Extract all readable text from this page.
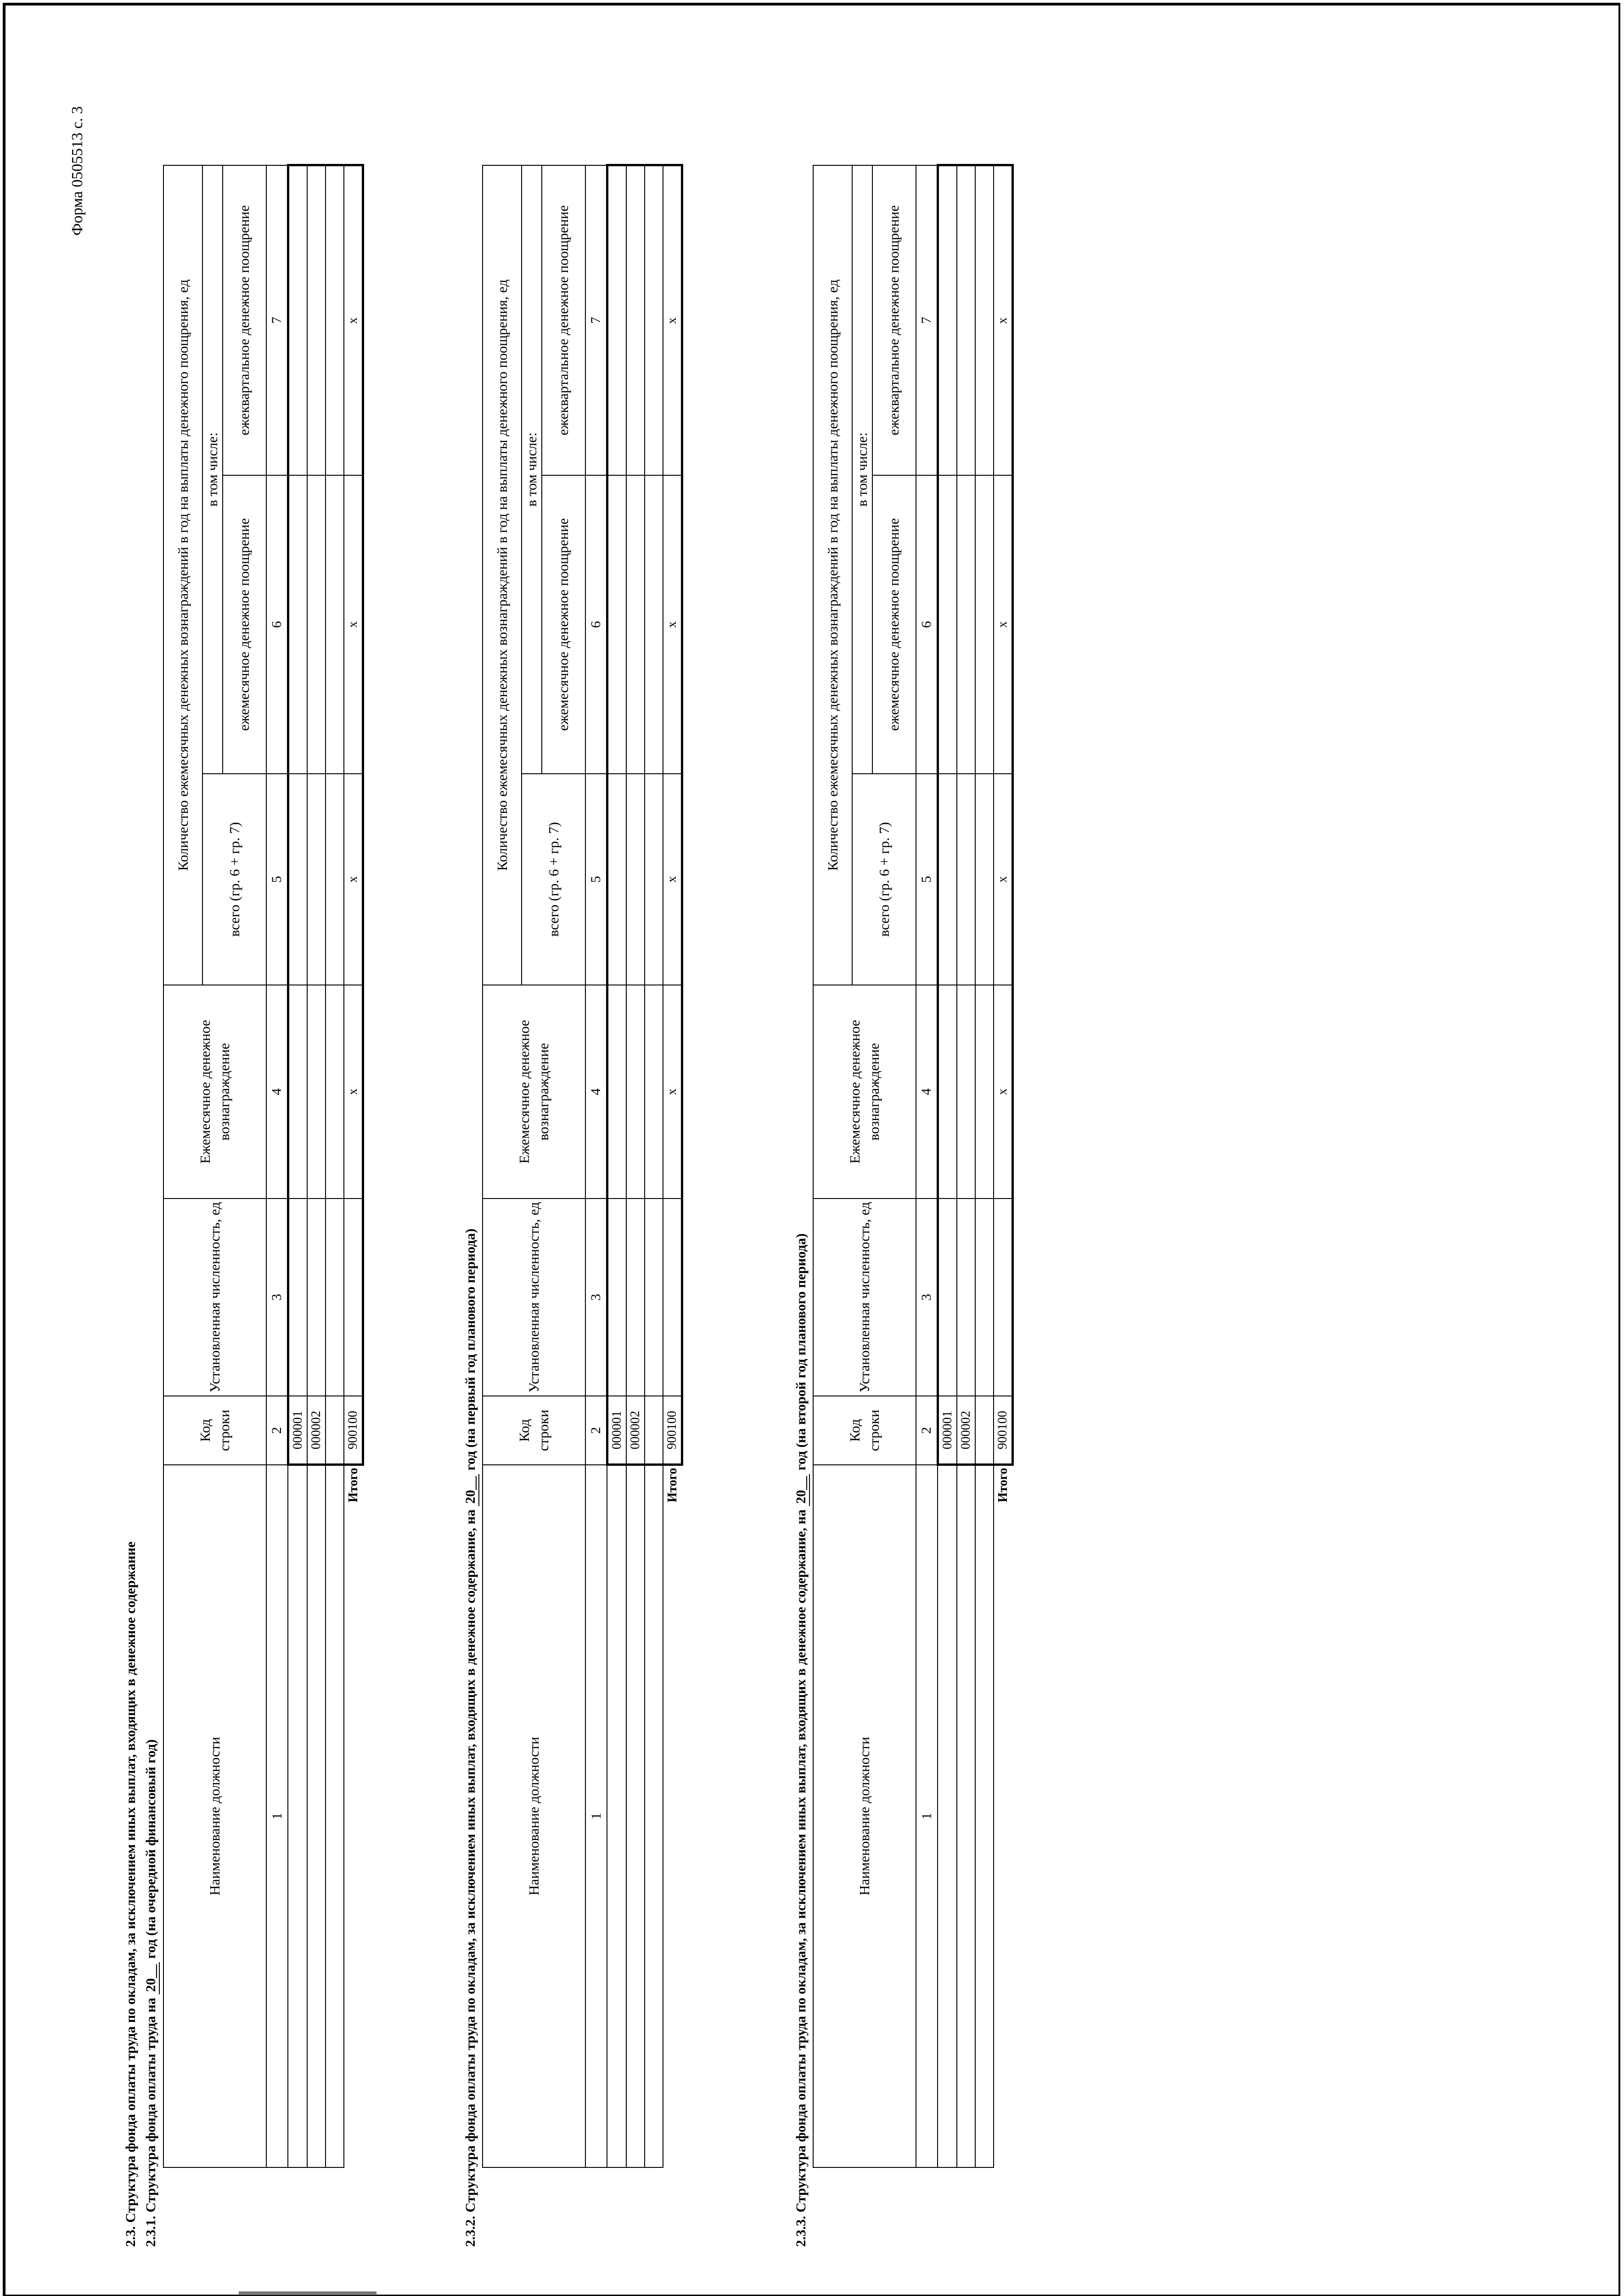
Форма 0505513 с. 3
2.3. Структура фонда оплаты труда по окладам, за исключением иных выплат, входящих в денежное содержание 2.3.1. Структура фонда оплаты труда на 20__ год (на очередной финансовый год)	Наименование должности	Код строки	Установленная численность, ед	Ежемесячное денежное вознаграждение	Количество ежемесячных денежных вознаграждений в год на выплаты денежного поощрения, ед		
				всего (гр. 6 + гр. 7)	в том числе:	
					ежемесячное денежное поощрение	ежеквартальное денежное поощрение
1	2	3	4	5	6	7
	000001					
	000002					

Итого	900100		x	x	x	x
2.3.2. Структура фонда оплаты труда по окладам, за исключением иных выплат, входящих в денежное содержание, на 20__ год (на первый год планового периода)
Наименование должности	Код строки	Установленная численность, ед	Ежемесячное денежное вознаграждение	Количество ежемесячных денежных вознаграждений в год на выплаты денежного поощрения, ед		
				всего (гр. 6 + гр. 7)	в том числе:	
					ежемесячное денежное поощрение	ежеквартальное денежное поощрение
1	2	3	4	5	6	7
	000001					
	000002					

Итого	900100		x	x	x	x
2.3.3. Структура фонда оплаты труда по окладам, за исключением иных выплат, входящих в денежное содержание, на 20__ год (на второй год планового периода)
Наименование должности	Код строки	Установленная численность, ед	Ежемесячное денежное вознаграждение	Количество ежемесячных денежных вознаграждений в год на выплаты денежного поощрения, ед		
				всего (гр. 6 + гр. 7)	в том числе:	
					ежемесячное денежное поощрение	ежеквартальное денежное поощрение
1	2	3	4	5	6	7
	000001					
	000002					

Итого	900100		x	x	x	x
